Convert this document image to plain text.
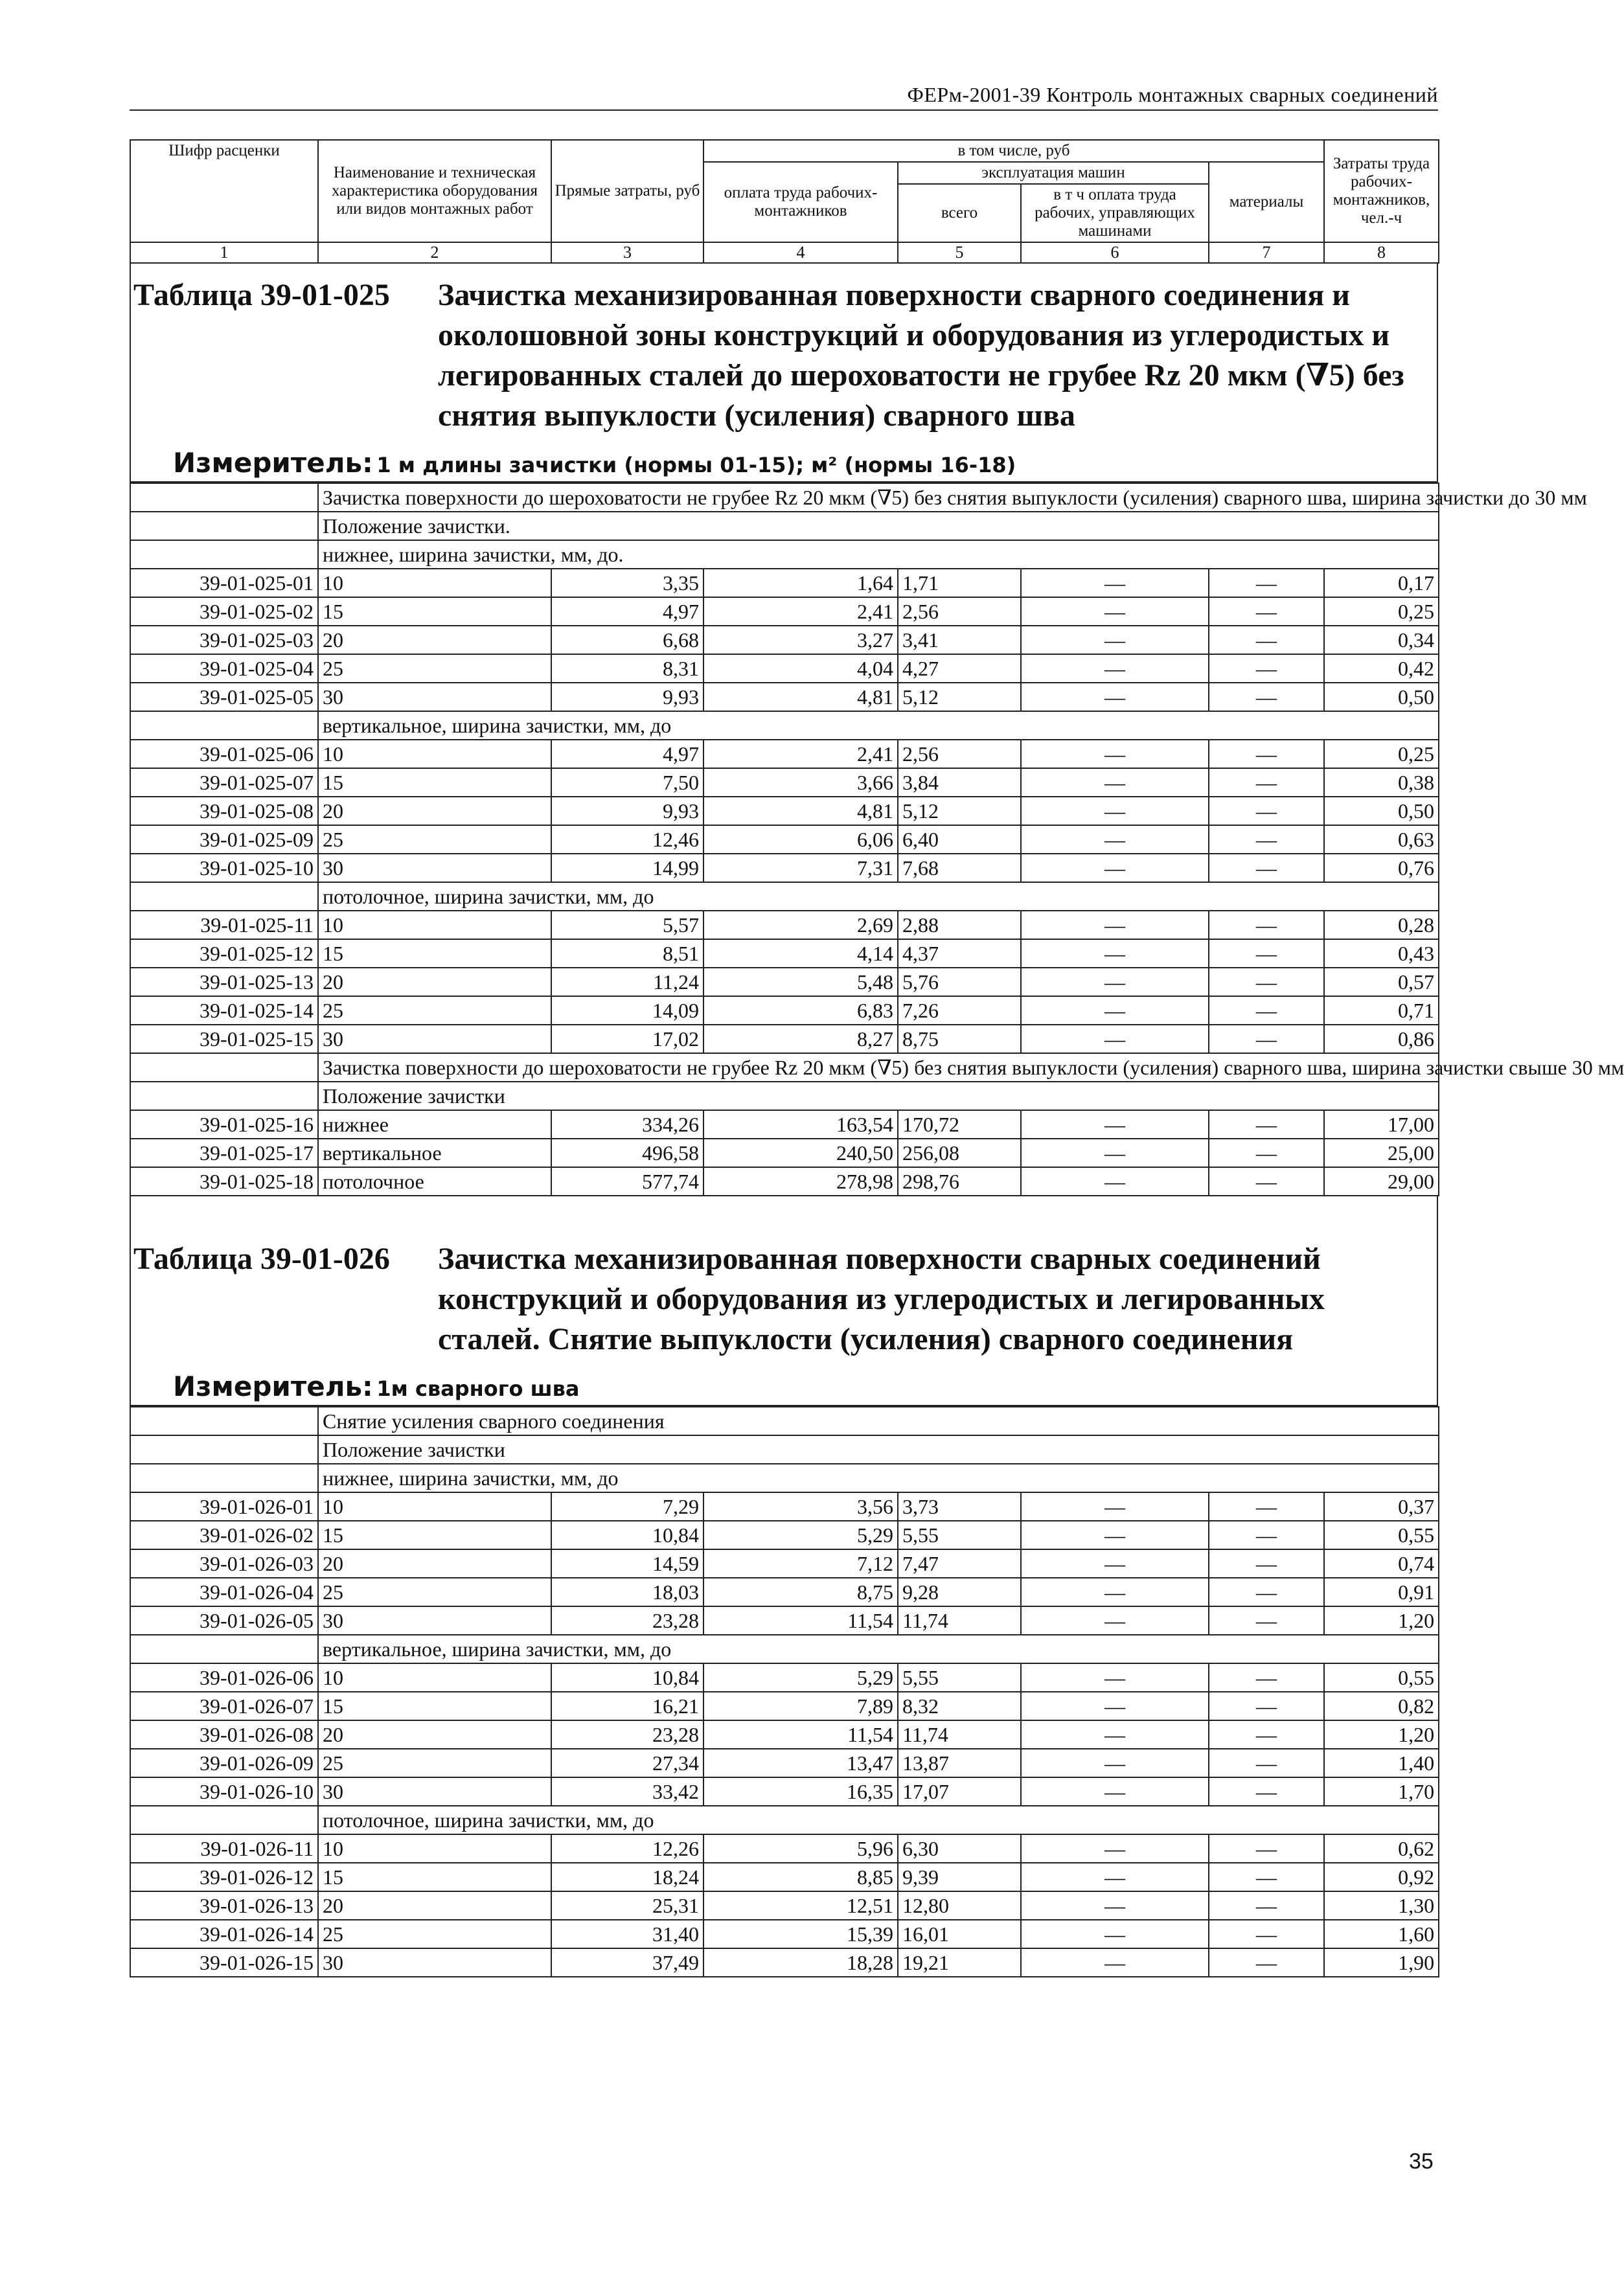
ФЕРм-2001-39 Контроль монтажных сварных соединений
Шифр расценки	Наименование и техническая характеристика оборудования или видов монтажных работ	Прямые затраты, руб	в том числе, руб				Затраты труда рабочих-монтажников, чел.-ч
			оплата труда рабочих-монтажников	эксплуатация машин		материалы	
				всего	в т ч оплата труда рабочих, управляющих машинами		
1	2	3	4	5	6	7	8
Таблица 39-01-025	Зачистка механизированная поверхности сварного соединения и околошовной зоны конструкций и оборудования из углеродистых и легированных сталей до шероховатости не грубее Rz 20 мкм (∇5) без снятия выпуклости (усиления) сварного шва
Измеритель: 1 м длины зачистки (нормы 01-15); м² (нормы 16-18)
	Зачистка поверхности до шероховатости не грубее Rz 20 мкм (∇5) без снятия выпуклости (усиления) сварного шва, ширина зачистки до 30 мм						
	Положение зачистки.						
	нижнее, ширина зачистки, мм, до.						
39-01-025-01	10	3,35	1,64	1,71	—	—	0,17
39-01-025-02	15	4,97	2,41	2,56	—	—	0,25
39-01-025-03	20	6,68	3,27	3,41	—	—	0,34
39-01-025-04	25	8,31	4,04	4,27	—	—	0,42
39-01-025-05	30	9,93	4,81	5,12	—	—	0,50
	вертикальное, ширина зачистки, мм, до						
39-01-025-06	10	4,97	2,41	2,56	—	—	0,25
39-01-025-07	15	7,50	3,66	3,84	—	—	0,38
39-01-025-08	20	9,93	4,81	5,12	—	—	0,50
39-01-025-09	25	12,46	6,06	6,40	—	—	0,63
39-01-025-10	30	14,99	7,31	7,68	—	—	0,76
	потолочное, ширина зачистки, мм, до						
39-01-025-11	10	5,57	2,69	2,88	—	—	0,28
39-01-025-12	15	8,51	4,14	4,37	—	—	0,43
39-01-025-13	20	11,24	5,48	5,76	—	—	0,57
39-01-025-14	25	14,09	6,83	7,26	—	—	0,71
39-01-025-15	30	17,02	8,27	8,75	—	—	0,86
	Зачистка поверхности до шероховатости не грубее Rz 20 мкм (∇5) без снятия выпуклости (усиления) сварного шва, ширина зачистки свыше 30 мм						
	Положение зачистки						
39-01-025-16	нижнее	334,26	163,54	170,72	—	—	17,00
39-01-025-17	вертикальное	496,58	240,50	256,08	—	—	25,00
39-01-025-18	потолочное	577,74	278,98	298,76	—	—	29,00
Таблица 39-01-026	Зачистка механизированная поверхности сварных соединений конструкций и оборудования из углеродистых и легированных сталей. Снятие выпуклости (усиления) сварного соединения
Измеритель: 1м сварного шва
	Снятие усиления сварного соединения						
	Положение зачистки						
	нижнее, ширина зачистки, мм, до						
39-01-026-01	10	7,29	3,56	3,73	—	—	0,37
39-01-026-02	15	10,84	5,29	5,55	—	—	0,55
39-01-026-03	20	14,59	7,12	7,47	—	—	0,74
39-01-026-04	25	18,03	8,75	9,28	—	—	0,91
39-01-026-05	30	23,28	11,54	11,74	—	—	1,20
	вертикальное, ширина зачистки, мм, до						
39-01-026-06	10	10,84	5,29	5,55	—	—	0,55
39-01-026-07	15	16,21	7,89	8,32	—	—	0,82
39-01-026-08	20	23,28	11,54	11,74	—	—	1,20
39-01-026-09	25	27,34	13,47	13,87	—	—	1,40
39-01-026-10	30	33,42	16,35	17,07	—	—	1,70
	потолочное, ширина зачистки, мм, до						
39-01-026-11	10	12,26	5,96	6,30	—	—	0,62
39-01-026-12	15	18,24	8,85	9,39	—	—	0,92
39-01-026-13	20	25,31	12,51	12,80	—	—	1,30
39-01-026-14	25	31,40	15,39	16,01	—	—	1,60
39-01-026-15	30	37,49	18,28	19,21	—	—	1,90
35
